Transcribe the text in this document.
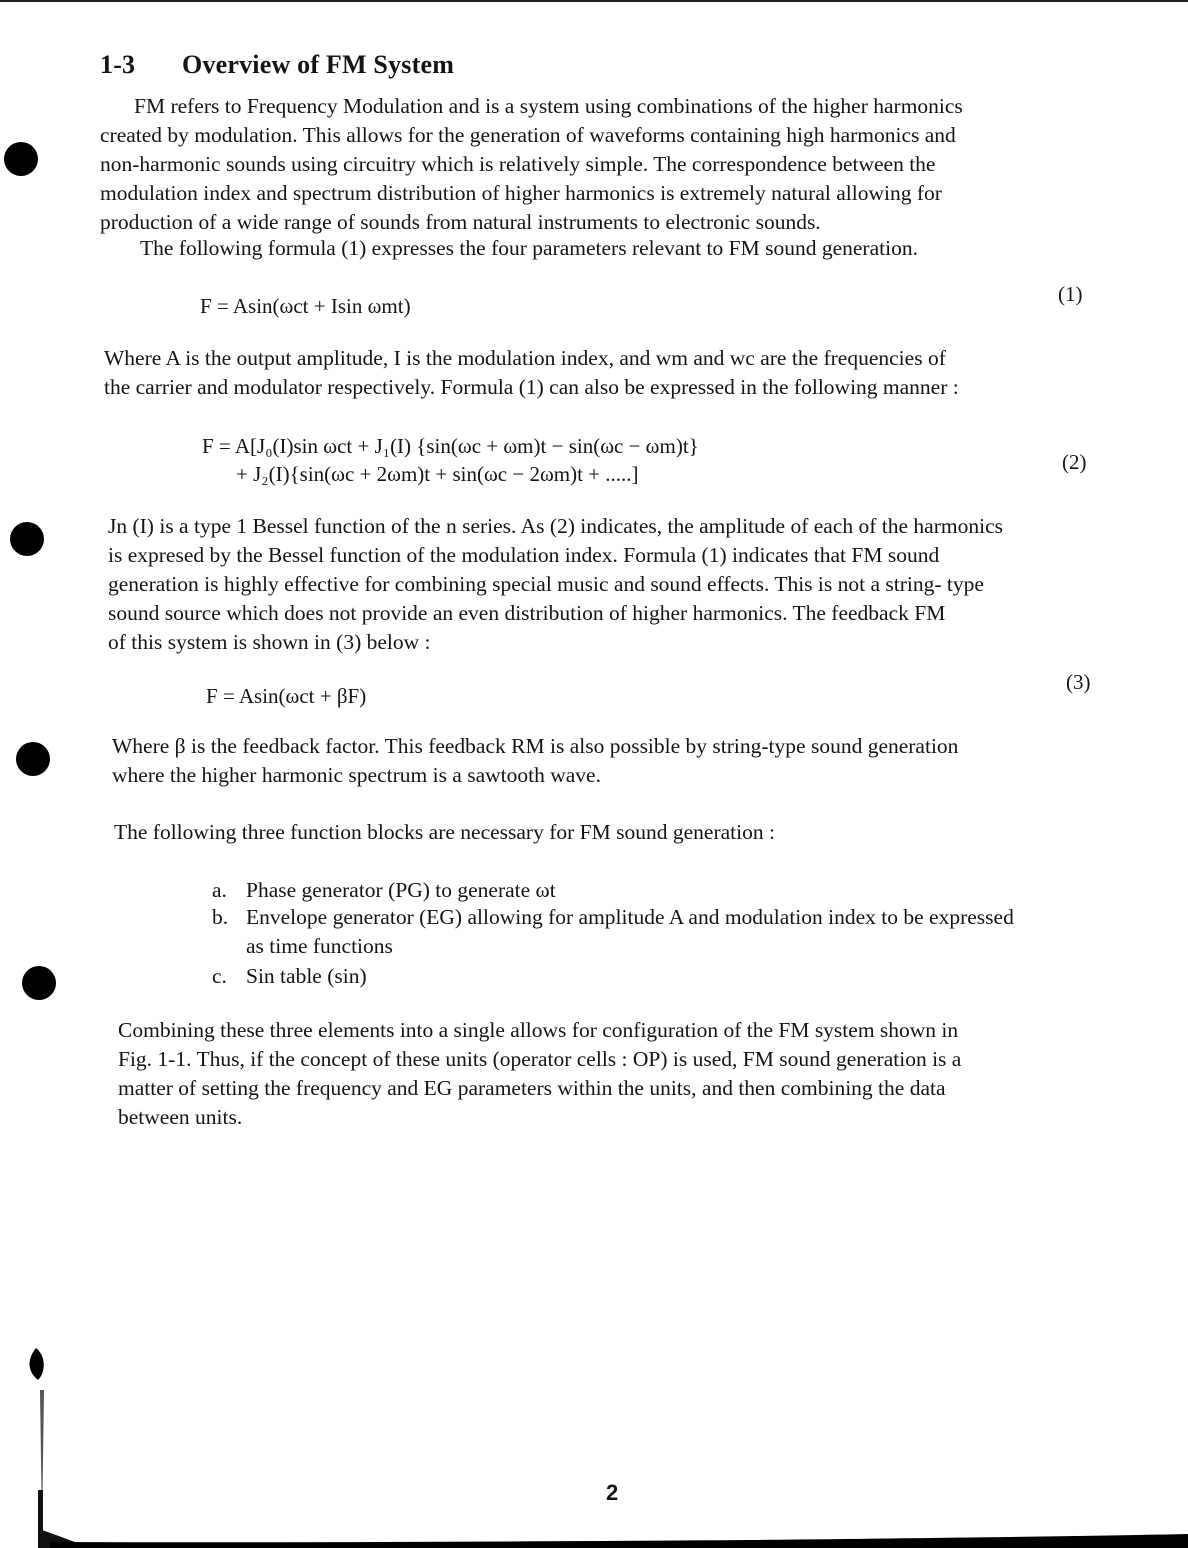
1-3 Overview of FM System
FM refers to Frequency Modulation and is a system using combinations of the higher harmonics
created by modulation. This allows for the generation of waveforms containing high harmonics and
non-harmonic sounds using circuitry which is relatively simple. The correspondence between the
modulation index and spectrum distribution of higher harmonics is extremely natural allowing for
production of a wide range of sounds from natural instruments to electronic sounds.
The following formula (1) expresses the four parameters relevant to FM sound generation.
F = Asin(ωct + Isin ωmt)	(1)
Where A is the output amplitude, I is the modulation index, and wm and wc are the frequencies of
the carrier and modulator respectively. Formula (1) can also be expressed in the following manner :
F = A[J₀(I)sin ωct + J₁(I) {sin(ωc + ωm)t − sin(ωc − ωm)t}
+ J₂(I){sin(ωc + 2ωm)t + sin(ωc − 2ωm)t + .....]	(2)
Jn (I) is a type 1 Bessel function of the n series. As (2) indicates, the amplitude of each of the harmonics
is expresed by the Bessel function of the modulation index. Formula (1) indicates that FM sound
generation is highly effective for combining special music and sound effects. This is not a string- type
sound source which does not provide an even distribution of higher harmonics. The feedback FM
of this system is shown in (3) below :
F = Asin(ωct + βF)
(3)
Where β is the feedback factor. This feedback RM is also possible by string-type sound generation
where the higher harmonic spectrum is a sawtooth wave.
The following three function blocks are necessary for FM sound generation :
a. Phase generator (PG) to generate ωt
b. Envelope generator (EG) allowing for amplitude A and modulation index to be expressed
as time functions
c. Sin table (sin)
Combining these three elements into a single allows for configuration of the FM system shown in
Fig. 1-1. Thus, if the concept of these units (operator cells : OP) is used, FM sound generation is a
matter of setting the frequency and EG parameters within the units, and then combining the data
between units.
2
